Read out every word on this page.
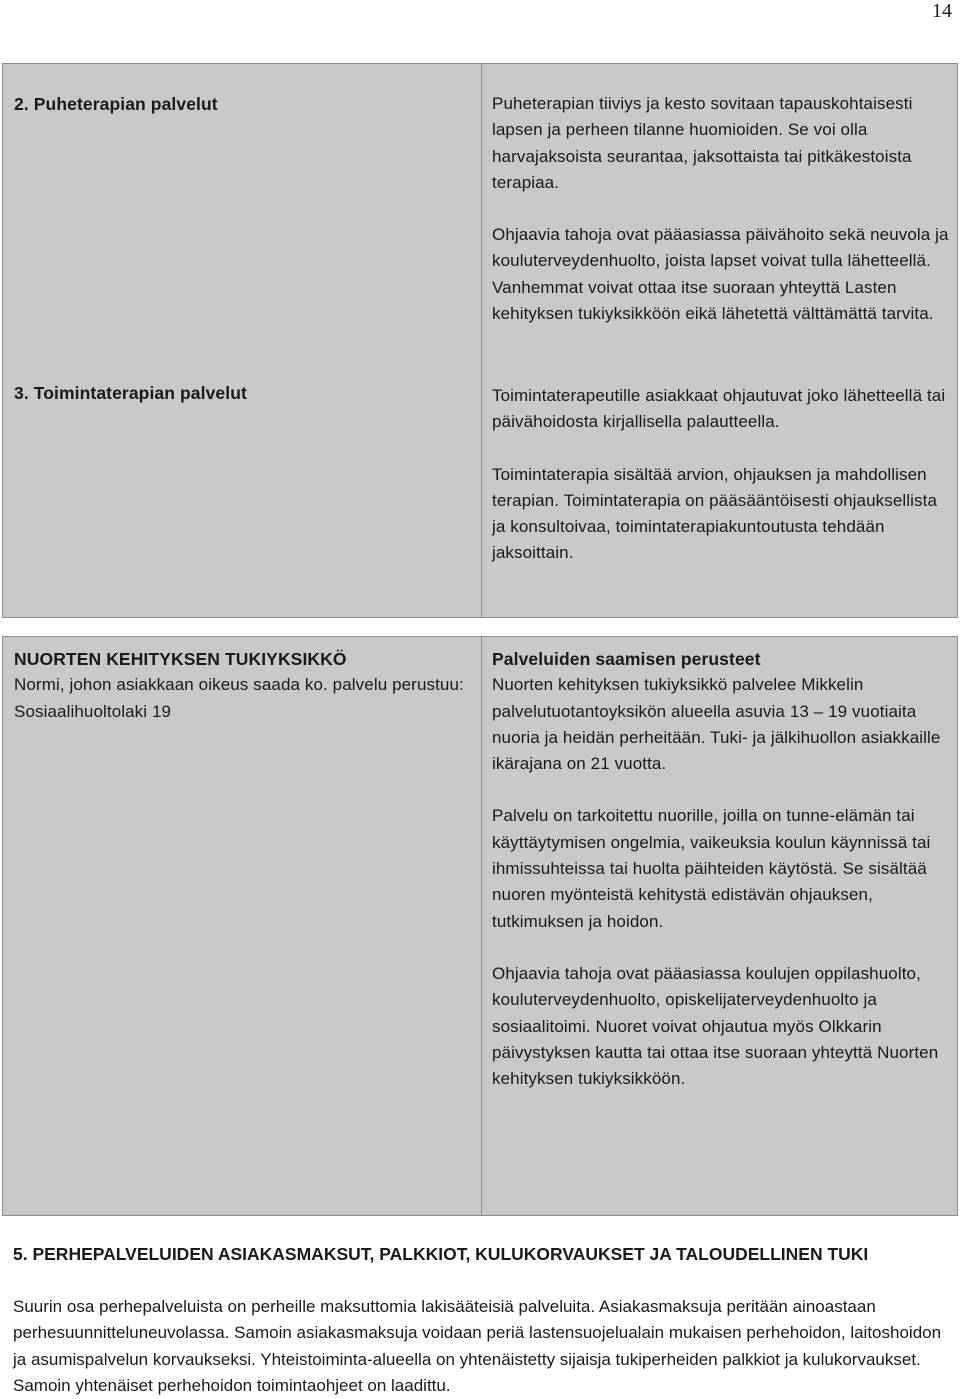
14
2. Puheterapian palvelut
3. Toimintaterapian palvelut

Puheterapian tiiviys ja kesto sovitaan tapauskohtaisesti lapsen ja perheen tilanne huomioiden. Se voi olla harvajaksoista seurantaa, jaksottaista tai pitkäkestoista terapiaa.

Ohjaavia tahoja ovat pääasiassa päivähoito sekä neuvola ja kouluterveydenhuolto, joista lapset voivat tulla lähetteellä. Vanhemmat voivat ottaa itse suoraan yhteyttä Lasten kehityksen tukiyksikköön eikä lähetettä välttämättä tarvita.

Toimintaterapeutille asiakkaat ohjautuvat joko lähetteellä tai päivähoidosta kirjallisella palautteella.

Toimintaterapia sisältää arvion, ohjauksen ja mahdollisen terapian. Toimintaterapia on pääsääntöisesti ohjauksellista ja konsultoivaa, toimintaterapiakuntoutusta tehdään jaksoittain.

NUORTEN KEHITYKSEN TUKIYKSIKKÖ
Normi, johon asiakkaan oikeus saada ko. palvelu perustuu: Sosiaalihuoltolaki 19
Palveluiden saamisen perusteet

Nuorten kehityksen tukiyksikkö palvelee Mikkelin palvelutuotantoyksikön alueella asuvia 13 – 19 vuotiaita nuoria ja heidän perheitään. Tuki- ja jälkihuollon asiakkaille ikärajana on 21 vuotta.

Palvelu on tarkoitettu nuorille, joilla on tunne-elämän tai käyttäytymisen ongelmia, vaikeuksia koulun käynnissä tai ihmissuhteissa tai huolta päihteiden käytöstä. Se sisältää nuoren myönteistä kehitystä edistävän ohjauksen, tutkimuksen ja hoidon.

Ohjaavia tahoja ovat pääasiassa koulujen oppilashuolto, kouluterveydenhuolto, opiskelijaterveydenhuolto ja sosiaalitoimi. Nuoret voivat ohjautua myös Olkkarin päivystyksen kautta tai ottaa itse suoraan yhteyttä Nuorten kehityksen tukiyksikköön.

5. PERHEPALVELUIDEN ASIAKASMAKSUT, PALKKIOT, KULUKORVAUKSET JA TALOUDELLINEN TUKI

Suurin osa perhepalveluista on perheille maksuttomia lakisääteisiä palveluita. Asiakasmaksuja peritään ainoastaan perhesuunnitteluneuvolassa. Samoin asiakasmaksuja voidaan periä lastensuojelualain mukaisen perhehoidon, laitoshoidon ja asumispalvelun korvaukseksi. Yhteistoiminta-alueella on yhtenäistetty sijaisja tukiperheiden palkkiot ja kulukorvaukset. Samoin yhtenäiset perhehoidon toimintaohjeet on laadittu.
